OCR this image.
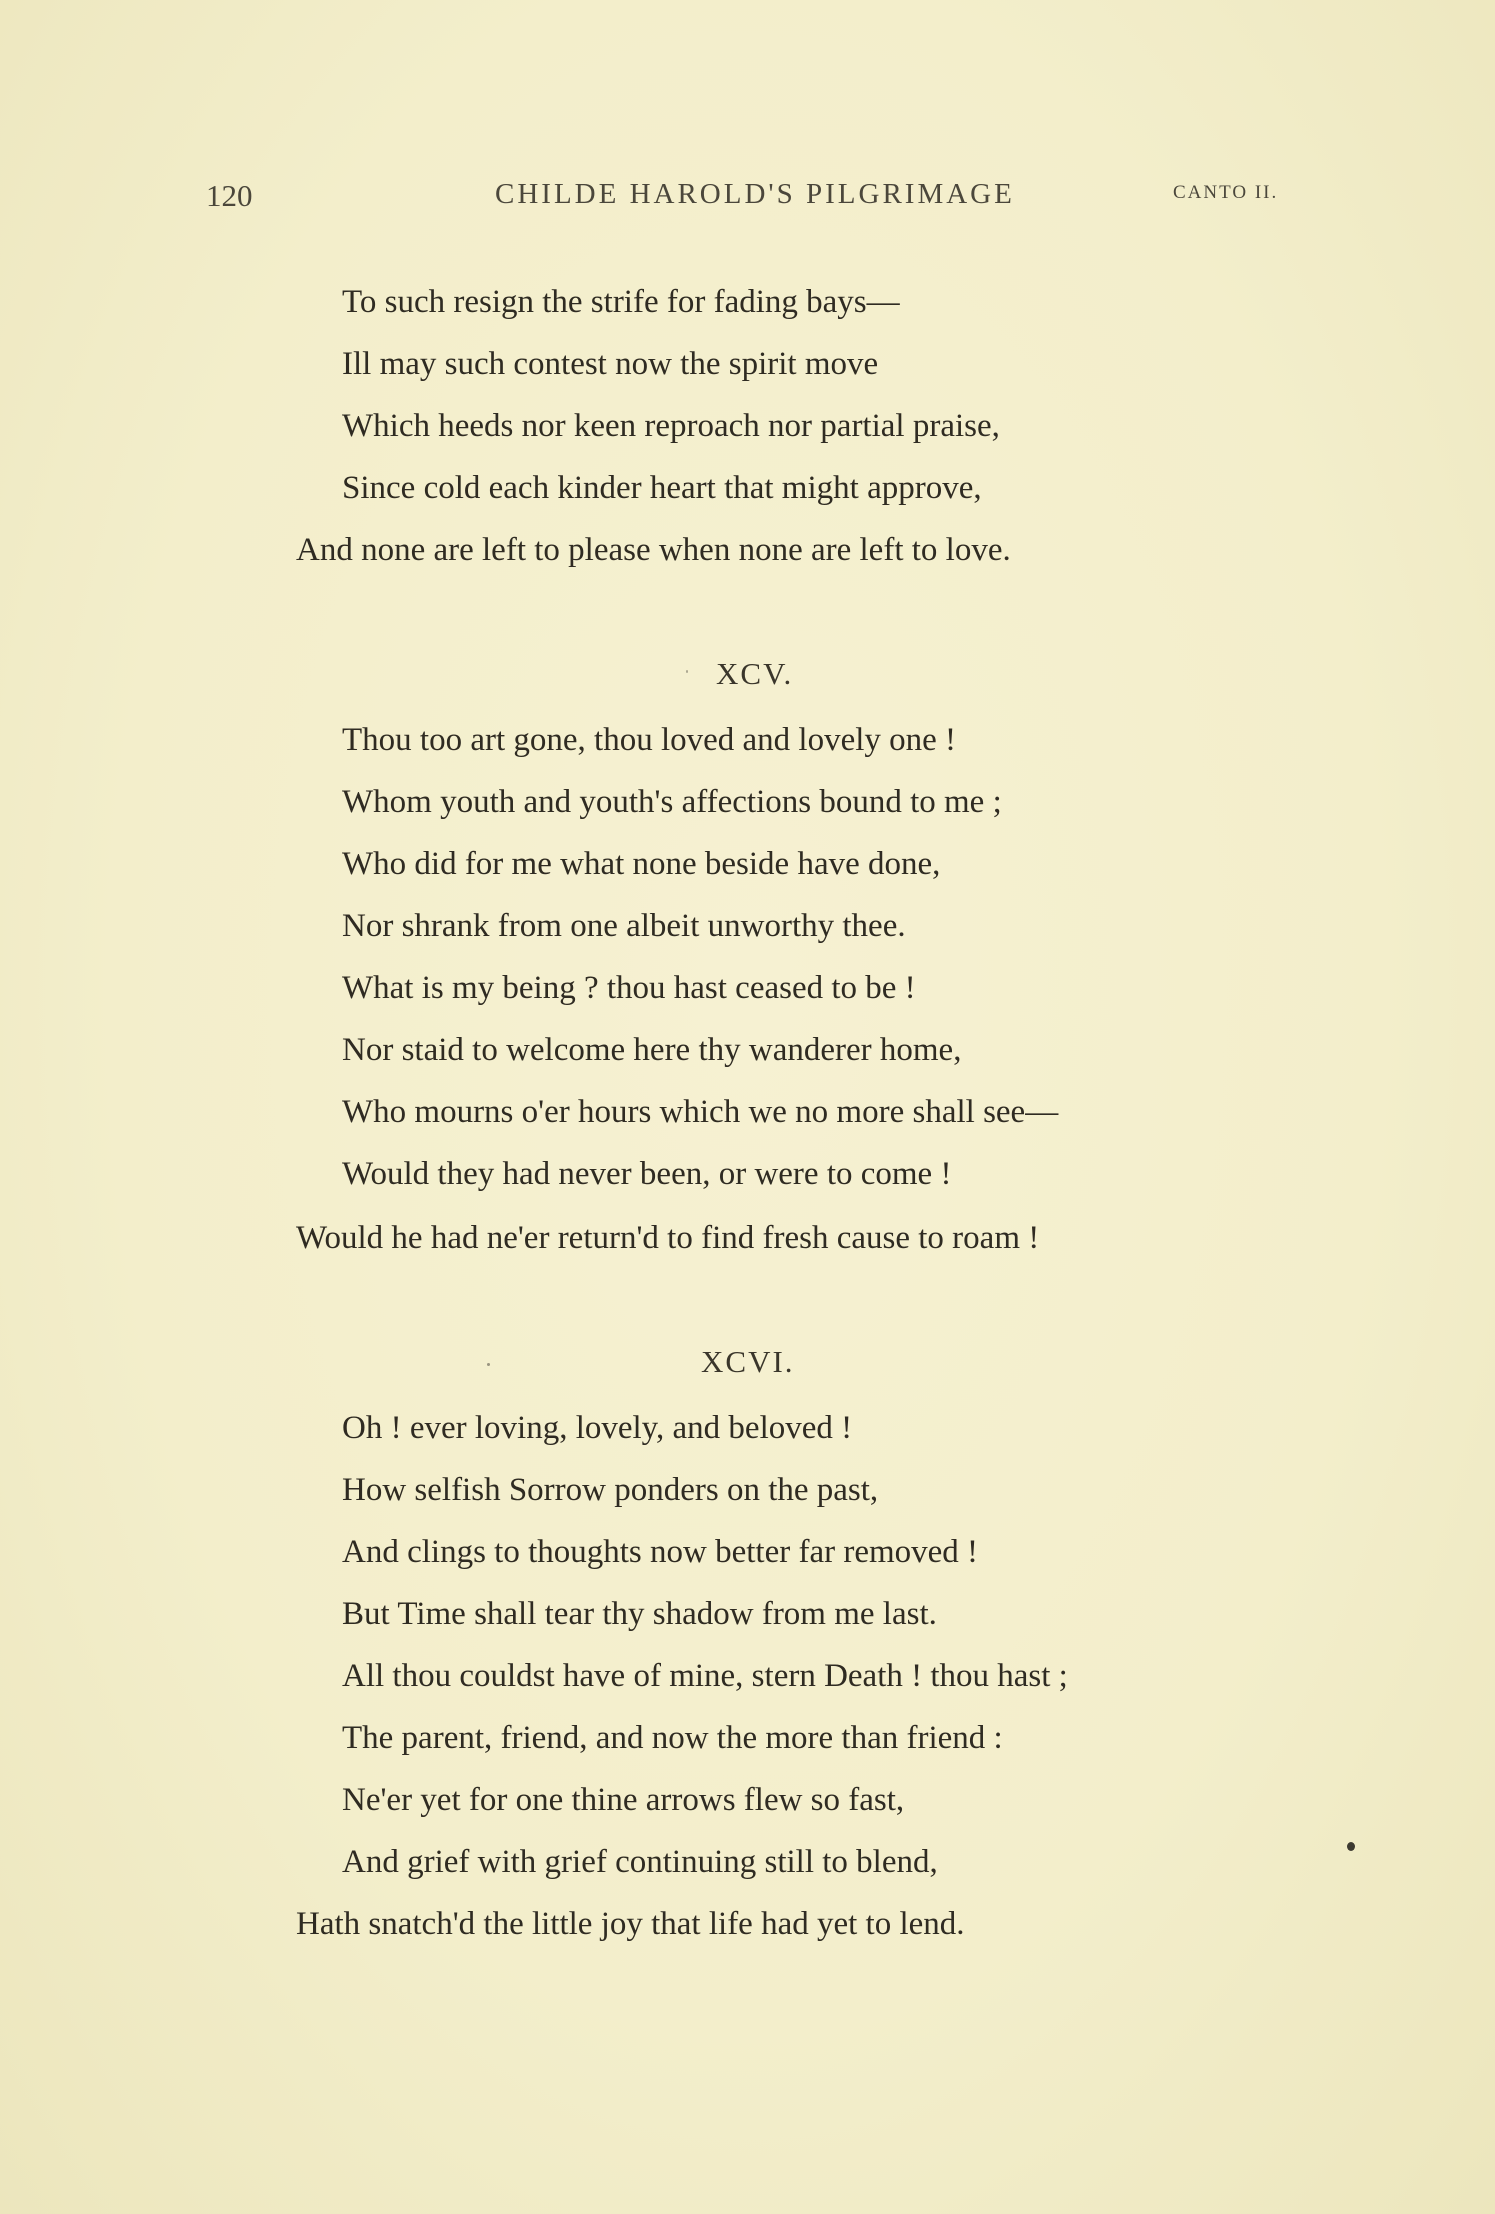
120	CHILDE HAROLD'S PILGRIMAGE	CANTO II.
To such resign the strife for fading bays—
Ill may such contest now the spirit move
Which heeds nor keen reproach nor partial praise,
Since cold each kinder heart that might approve,
And none are left to please when none are left to love.
XCV.
Thou too art gone, thou loved and lovely one !
Whom youth and youth's affections bound to me ;
Who did for me what none beside have done,
Nor shrank from one albeit unworthy thee.
What is my being ? thou hast ceased to be !
Nor staid to welcome here thy wanderer home,
Who mourns o'er hours which we no more shall see—
Would they had never been, or were to come !
Would he had ne'er return'd to find fresh cause to roam !
XCVI.
Oh ! ever loving, lovely, and beloved !
How selfish Sorrow ponders on the past,
And clings to thoughts now better far removed !
But Time shall tear thy shadow from me last.
All thou couldst have of mine, stern Death ! thou hast ;
The parent, friend, and now the more than friend :
Ne'er yet for one thine arrows flew so fast,
And grief with grief continuing still to blend,
Hath snatch'd the little joy that life had yet to lend.
